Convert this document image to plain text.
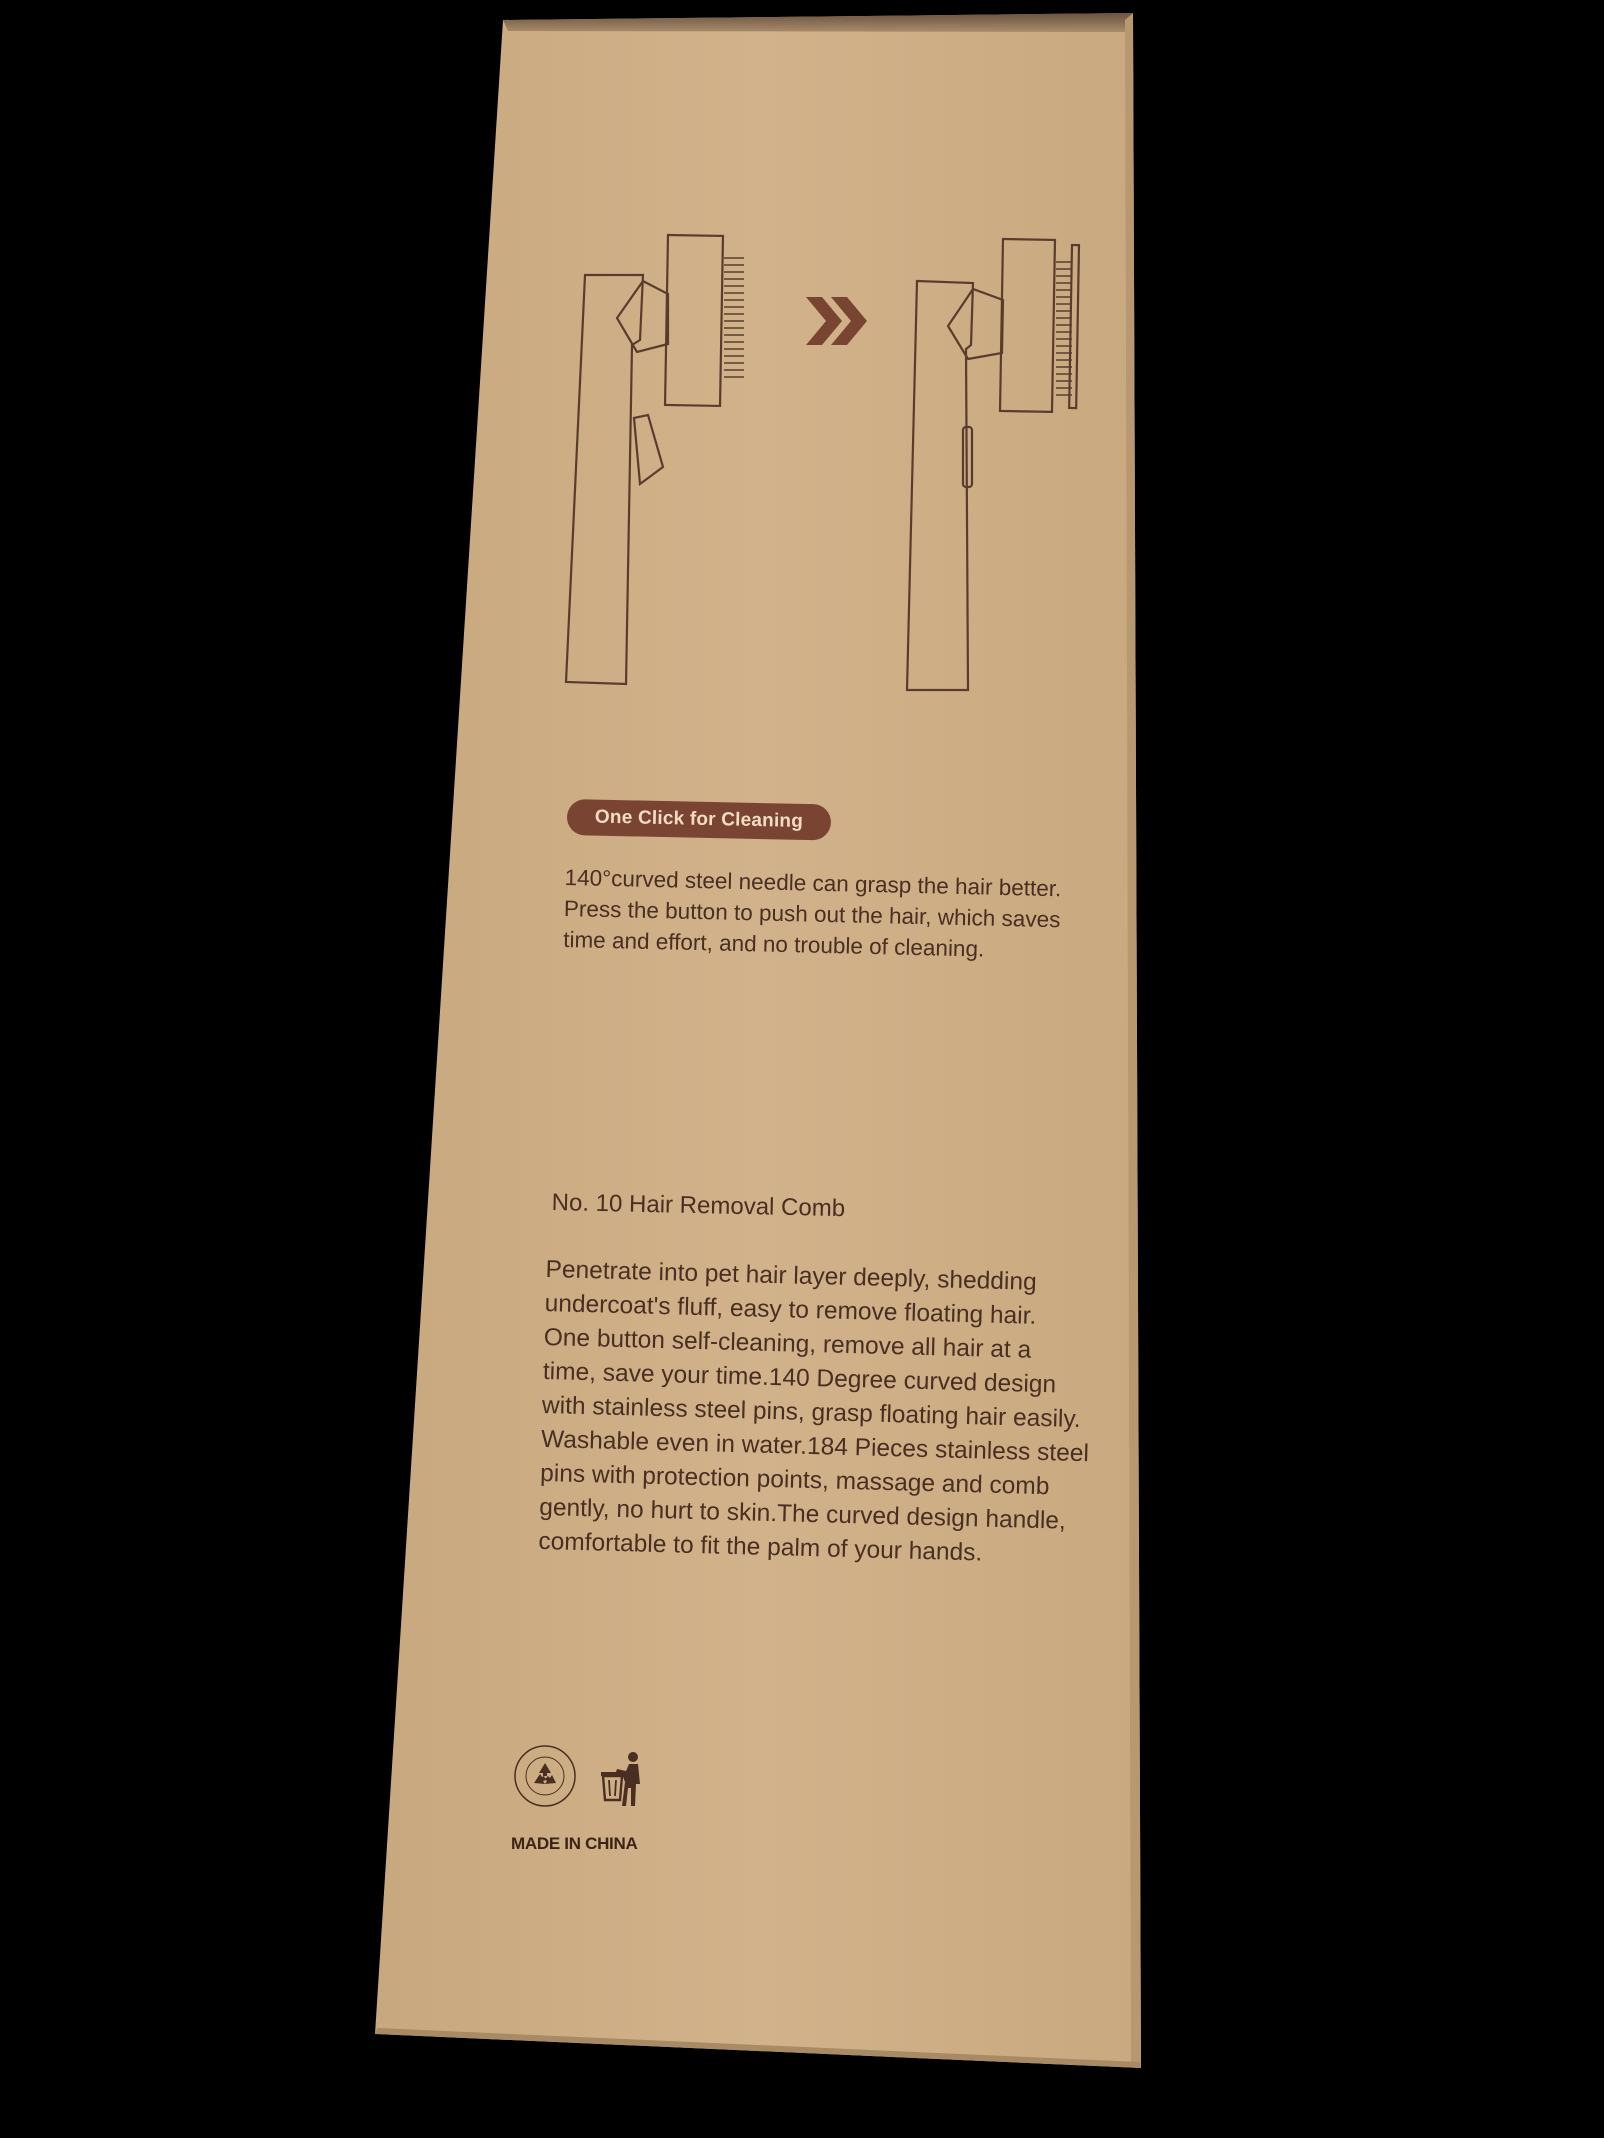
One Click for Cleaning
140°curved steel needle can grasp the hair better.
Press the button to push out the hair, which saves
time and effort, and no trouble of cleaning.
No. 10 Hair Removal Comb
Penetrate into pet hair layer deeply, shedding
undercoat's fluff, easy to remove floating hair.
One button self-cleaning, remove all hair at a
time, save your time.140 Degree curved design
with stainless steel pins, grasp floating hair easily.
Washable even in water.184 Pieces stainless steel
pins with protection points, massage and comb
gently, no hurt to skin.The curved design handle,
comfortable to fit the palm of your hands.
MADE IN CHINA
